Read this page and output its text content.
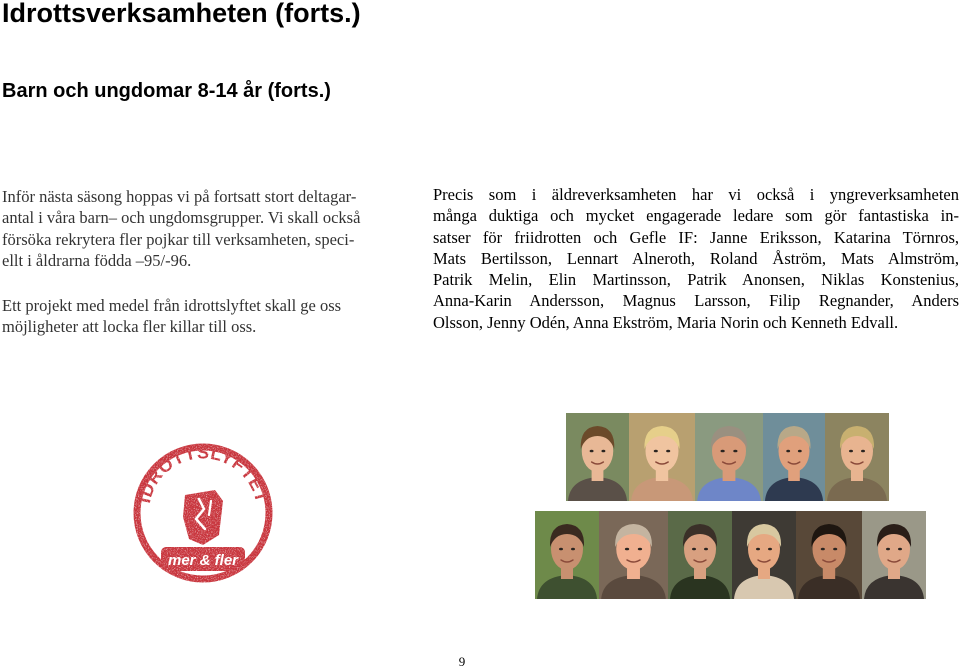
Idrottsverksamheten (forts.)
Barn och ungdomar 8-14 år (forts.)

Inför nästa säsong hoppas vi på fortsatt stort deltagar-
antal i våra barn– och ungdomsgrupper. Vi skall också
försöka rekrytera fler pojkar till verksamheten, speci-
ellt i åldrarna födda –95/-96.

Ett projekt med medel från idrottslyftet skall ge oss
möjligheter att locka fler killar till oss.

Precis som i äldreverksamheten har vi också i yngreverksamheten
många duktiga och mycket engagerade ledare som gör fantastiska in-
satser för friidrotten och Gefle IF: Janne Eriksson, Katarina Törnros,
Mats Bertilsson, Lennart Alneroth, Roland Åström, Mats Almström,
Patrik Melin, Elin Martinsson, Patrik Anonsen, Niklas Konstenius,
Anna-Karin Andersson, Magnus Larsson, Filip Regnander, Anders
Olsson, Jenny Odén, Anna Ekström, Maria Norin och Kenneth Edvall.

IDROTTSLYFTET
mer & fler
9
